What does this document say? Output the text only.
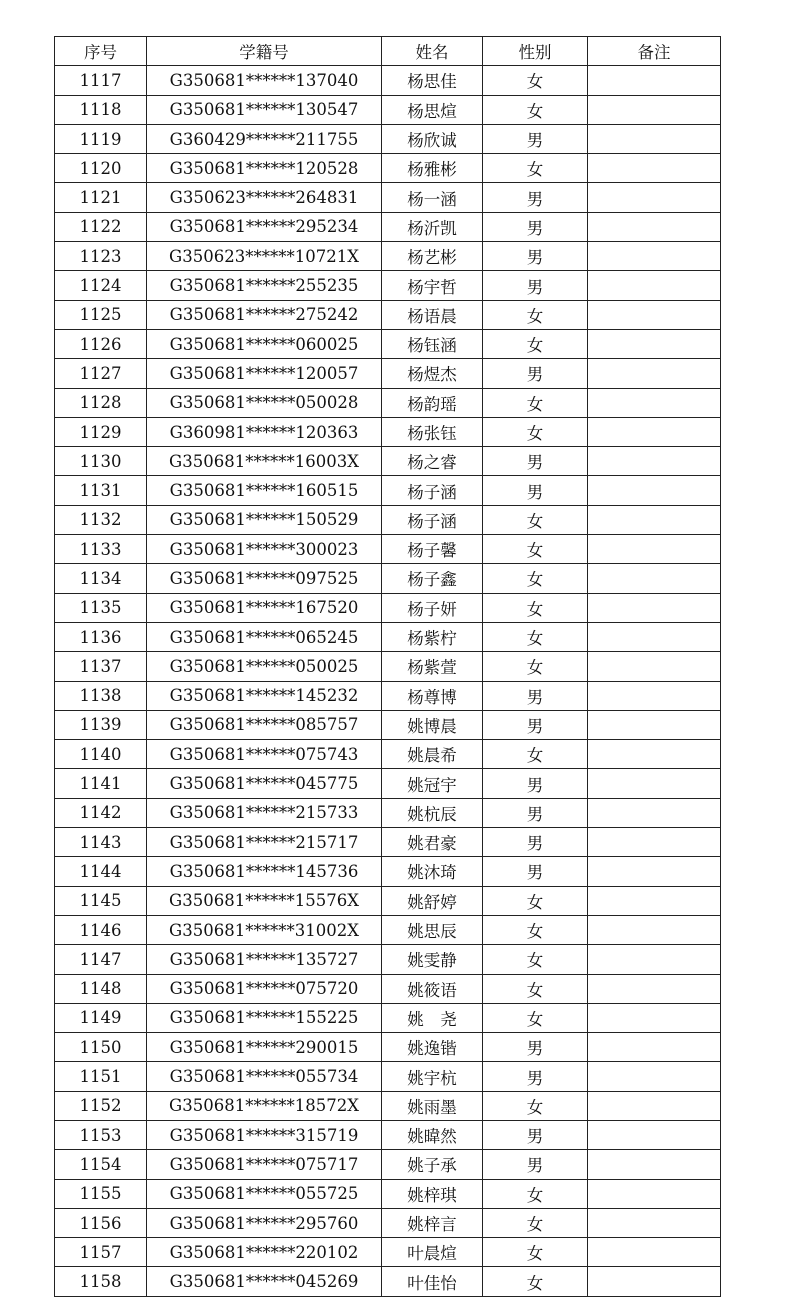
序号	学籍号	姓名	性别	备注
1117	G350681******137040	杨思佳	女	
1118	G350681******130547	杨思煊	女	
1119	G360429******211755	杨欣诚	男	
1120	G350681******120528	杨雅彬	女	
1121	G350623******264831	杨一涵	男	
1122	G350681******295234	杨沂凯	男	
1123	G350623******10721X	杨艺彬	男	
1124	G350681******255235	杨宇哲	男	
1125	G350681******275242	杨语晨	女	
1126	G350681******060025	杨钰涵	女	
1127	G350681******120057	杨煜杰	男	
1128	G350681******050028	杨韵瑶	女	
1129	G360981******120363	杨张钰	女	
1130	G350681******16003X	杨之睿	男	
1131	G350681******160515	杨子涵	男	
1132	G350681******150529	杨子涵	女	
1133	G350681******300023	杨子馨	女	
1134	G350681******097525	杨子鑫	女	
1135	G350681******167520	杨子妍	女	
1136	G350681******065245	杨紫柠	女	
1137	G350681******050025	杨紫萱	女	
1138	G350681******145232	杨尊博	男	
1139	G350681******085757	姚博晨	男	
1140	G350681******075743	姚晨希	女	
1141	G350681******045775	姚冠宇	男	
1142	G350681******215733	姚杭辰	男	
1143	G350681******215717	姚君豪	男	
1144	G350681******145736	姚沐琦	男	
1145	G350681******15576X	姚舒婷	女	
1146	G350681******31002X	姚思辰	女	
1147	G350681******135727	姚雯静	女	
1148	G350681******075720	姚筱语	女	
1149	G350681******155225	姚　尧	女	
1150	G350681******290015	姚逸锴	男	
1151	G350681******055734	姚宇杭	男	
1152	G350681******18572X	姚雨墨	女	
1153	G350681******315719	姚暐然	男	
1154	G350681******075717	姚子承	男	
1155	G350681******055725	姚梓琪	女	
1156	G350681******295760	姚梓言	女	
1157	G350681******220102	叶晨煊	女	
1158	G350681******045269	叶佳怡	女	
